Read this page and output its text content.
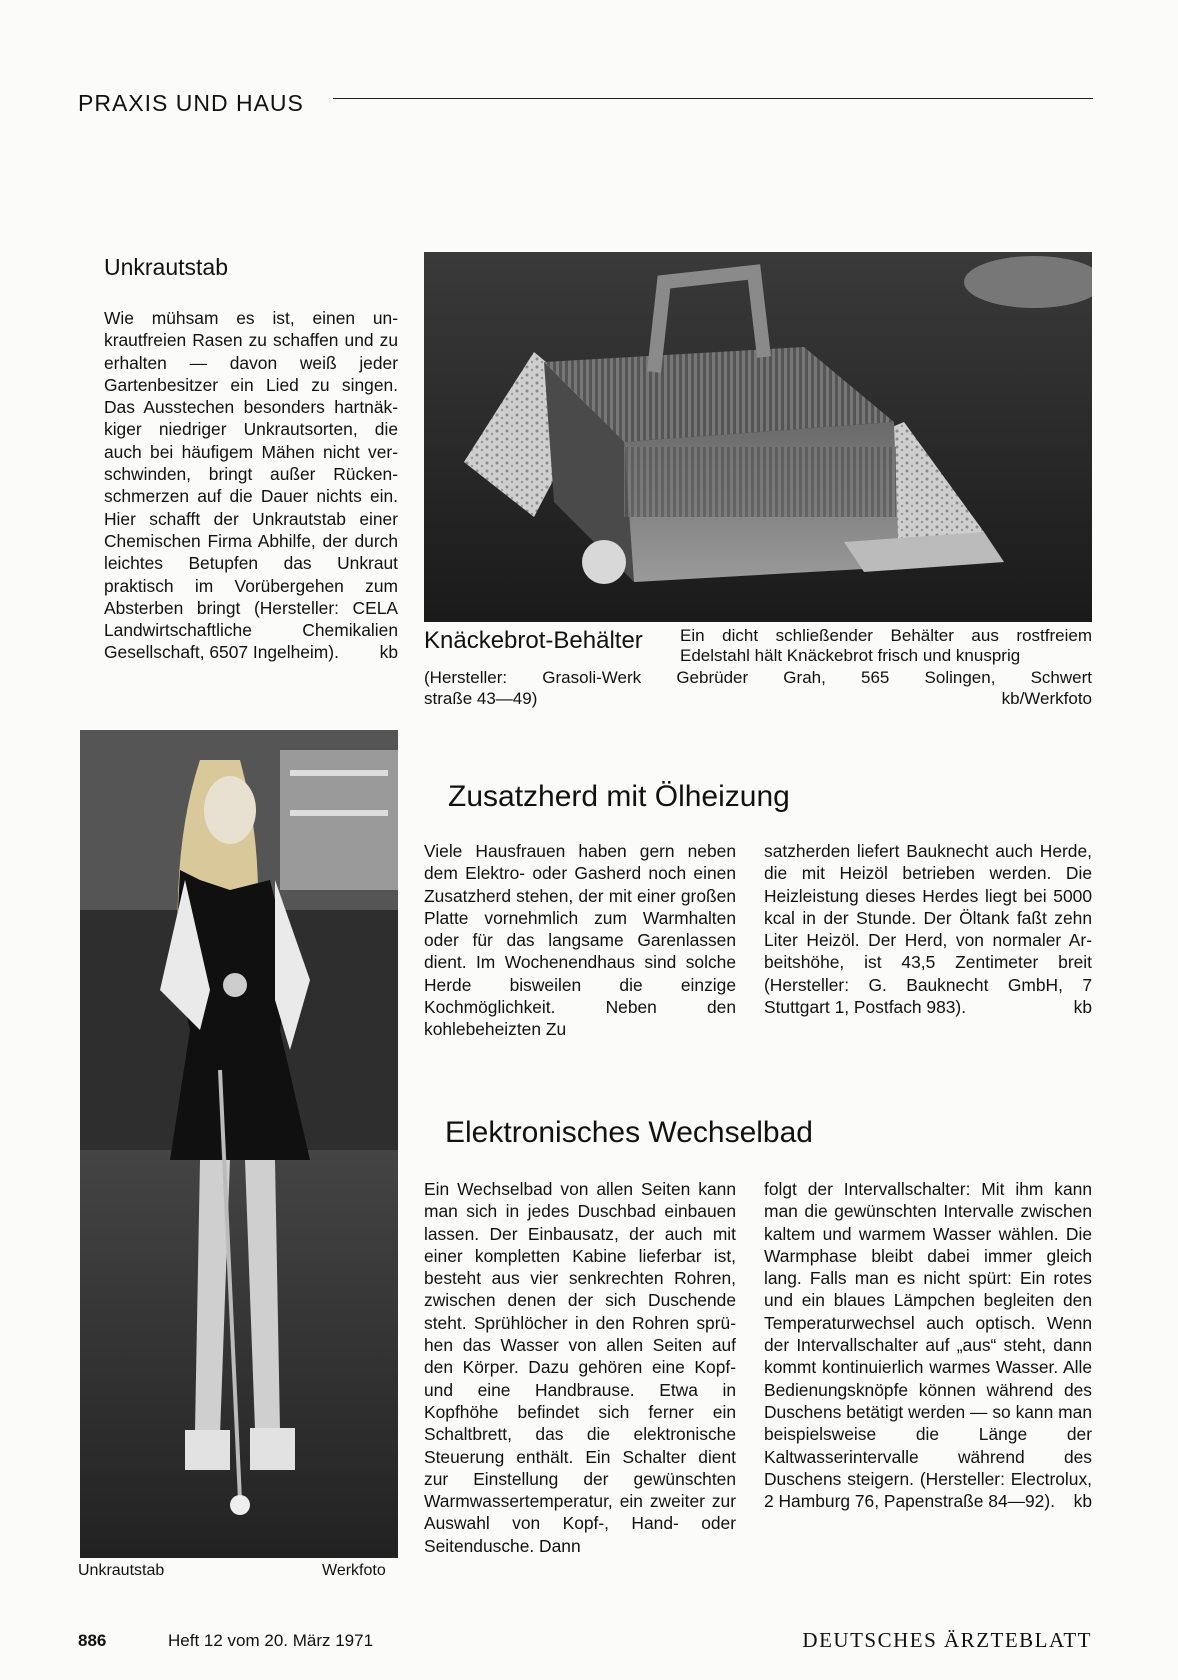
PRAXIS UND HAUS
Unkrautstab
Wie mühsam es ist, einen unkrautfreien Rasen zu schaffen und zu erhalten — davon weiß jeder Gartenbesitzer ein Lied zu singen. Das Ausstechen besonders hartnäkkiger niedriger Unkrautsorten, die auch bei häufigem Mähen nicht verschwinden, bringt außer Rückenschmerzen auf die Dauer nichts ein. Hier schafft der Unkrautstab einer Chemischen Firma Abhilfe, der durch leichtes Betupfen das Unkraut praktisch im Vorübergehen zum Absterben bringt (Hersteller: CELA Landwirtschaftliche Chemikalien Gesellschaft, 6507 Ingelheim). kb Knäckebrot-Behälter Ein dicht schließender Behälter aus rostfreiem Edelstahl hält Knäckebrot frisch und knusprig
(Hersteller: Grasoli-Werk Gebrüder Grah, 565 Solingen, Schwert
straße 43—49)	kb/Werkfoto
Unkrautstab	Werkfoto
Zusatzherd mit Ölheizung
Viele Hausfrauen haben gern neben dem Elektro- oder Gasherd noch einen Zusatzherd stehen, der mit einer großen Platte vornehmlich zum Warmhalten oder für das langsame Garenlassen dient. Im Wochenendhaus sind solche Herde bisweilen die einzige Kochmöglichkeit. Neben den kohlebeheizten Zu
satzherden liefert Bauknecht auch Herde, die mit Heizöl betrieben werden. Die Heizleistung dieses Herdes liegt bei 5000 kcal in der Stunde. Der Öltank faßt zehn Liter Heizöl. Der Herd, von normaler Arbeitshöhe, ist 43,5 Zentimeter breit (Hersteller: G. Bauknecht GmbH, 7 Stuttgart 1, Postfach 983).	kb
Elektronisches Wechselbad
Ein Wechselbad von allen Seiten kann man sich in jedes Duschbad einbauen lassen. Der Einbausatz, der auch mit einer kompletten Kabine lieferbar ist, besteht aus vier senkrechten Rohren, zwischen denen der sich Duschende steht. Sprühlöcher in den Rohren sprühen das Wasser von allen Seiten auf den Körper. Dazu gehören eine Kopf- und eine Handbrause. Etwa in Kopfhöhe befindet sich ferner ein Schaltbrett, das die elektronische Steuerung enthält. Ein Schalter dient zur Einstellung der gewünschten Warmwassertemperatur, ein zweiter zur Auswahl von Kopf-, Hand- oder Seitendusche. Dann
folgt der Intervallschalter: Mit ihm kann man die gewünschten Intervalle zwischen kaltem und warmem Wasser wählen. Die Warmphase bleibt dabei immer gleich lang. Falls man es nicht spürt: Ein rotes und ein blaues Lämpchen begleiten den Temperaturwechsel auch optisch. Wenn der Intervallschalter auf „aus“ steht, dann kommt kontinuierlich warmes Wasser. Alle Bedienungsknöpfe können während des Duschens betätigt werden — so kann man beispielsweise die Länge der Kaltwasserintervalle während des Duschens steigern. (Hersteller: Electrolux, 2 Hamburg 76, Papenstraße 84—92). kb
886	Heft 12 vom 20. März 1971	DEUTSCHES ÄRZTEBLATT
